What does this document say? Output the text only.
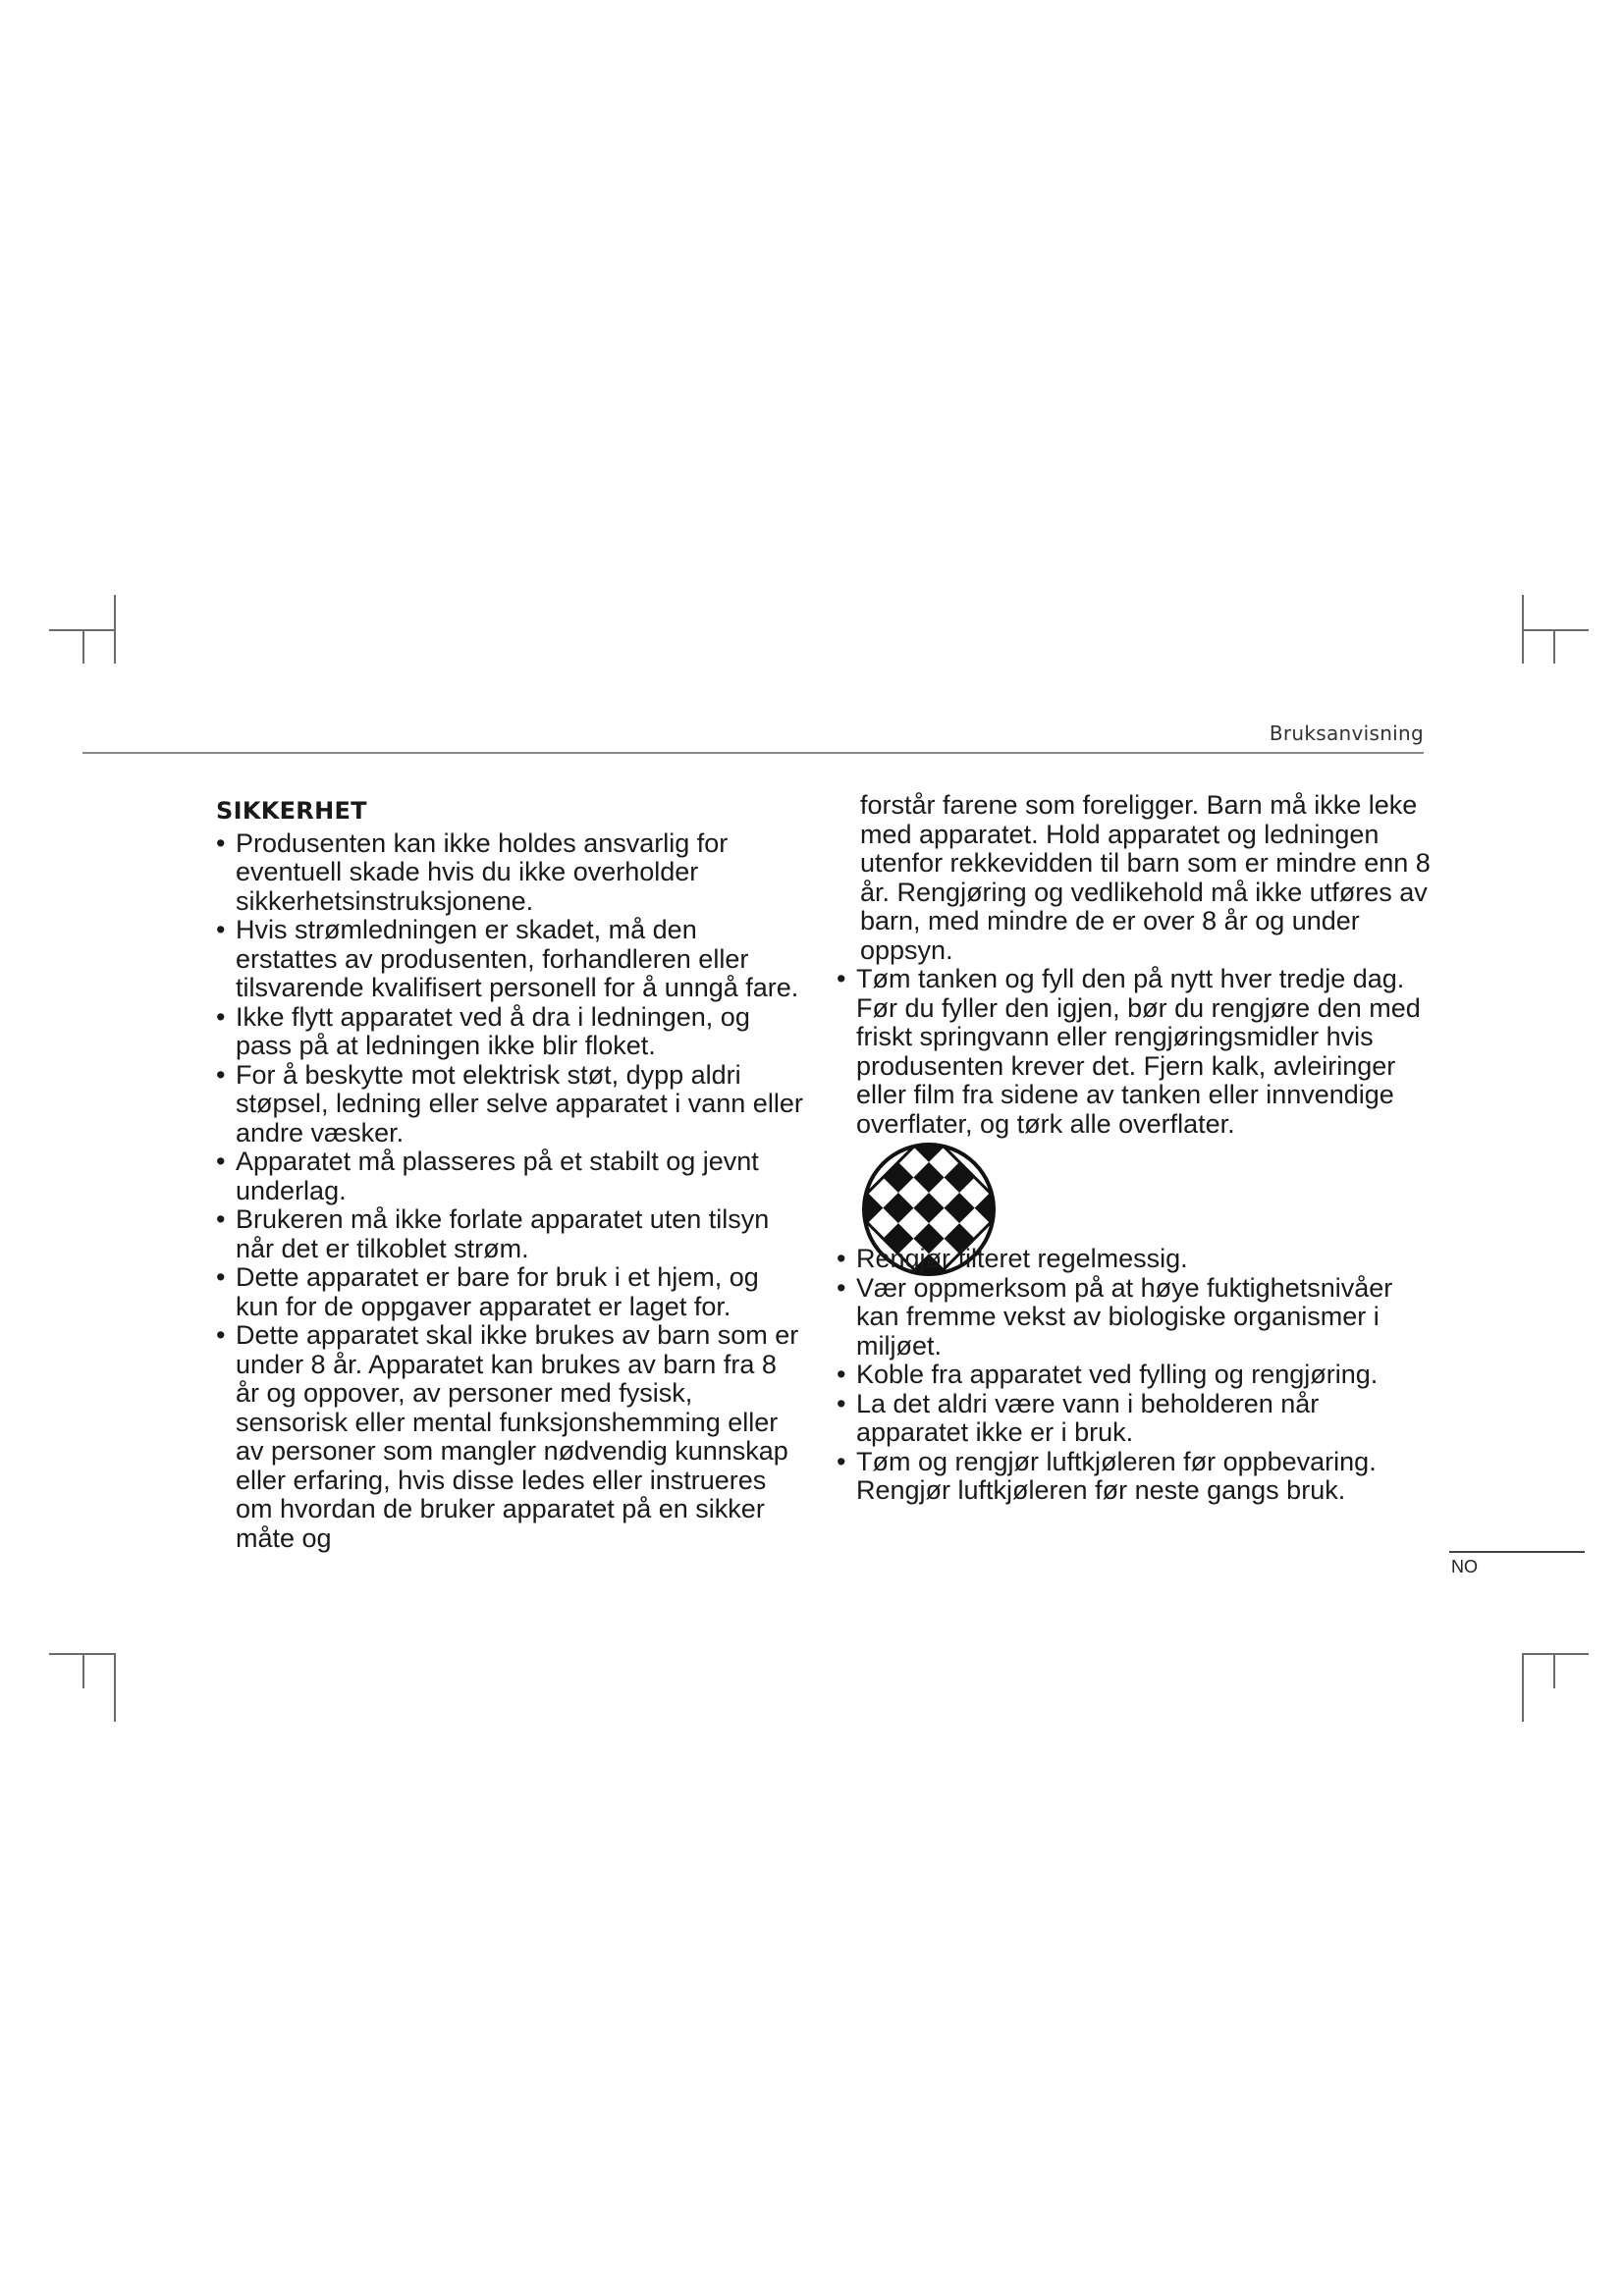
Bruksanvisning
SIKKERHET
• Produsenten kan ikke holdes ansvarlig for eventuell skade hvis du ikke overholder sikkerhetsinstruksjonene.
• Hvis strømledningen er skadet, må den erstattes av produsenten, forhandleren eller tilsvarende kvalifisert personell for å unngå fare.
• Ikke flytt apparatet ved å dra i ledningen, og pass på at ledningen ikke blir floket.
• For å beskytte mot elektrisk støt, dypp aldri støpsel, ledning eller selve apparatet i vann eller andre væsker.
• Apparatet må plasseres på et stabilt og jevnt underlag.
• Brukeren må ikke forlate apparatet uten tilsyn når det er tilkoblet strøm.
• Dette apparatet er bare for bruk i et hjem, og kun for de oppgaver apparatet er laget for.
• Dette apparatet skal ikke brukes av barn som er under 8 år. Apparatet kan brukes av barn fra 8 år og oppover, av personer med fysisk, sensorisk eller mental funksjonshemming eller av personer som mangler nødvendig kunnskap eller erfaring, hvis disse ledes eller instrueres om hvordan de bruker apparatet på en sikker måte og

forstår farene som foreligger. Barn må ikke leke med apparatet. Hold apparatet og ledningen utenfor rekkevidden til barn som er mindre enn 8 år. Rengjøring og vedlikehold må ikke utføres av barn, med mindre de er over 8 år og under oppsyn.

• Tøm tanken og fyll den på nytt hver tredje dag. Før du fyller den igjen, bør du rengjøre den med friskt springvann eller rengjøringsmidler hvis produsenten krever det. Fjern kalk, avleiringer eller film fra sidene av tanken eller innvendige overflater, og tørk alle overflater.
• Rengjør filteret regelmessig.
• Vær oppmerksom på at høye fuktighetsnivåer kan fremme vekst av biologiske organismer i miljøet.
• Koble fra apparatet ved fylling og rengjøring.
• La det aldri være vann i beholderen når apparatet ikke er i bruk.
• Tøm og rengjør luftkjøleren før oppbevaring. Rengjør luftkjøleren før neste gangs bruk.
NO
